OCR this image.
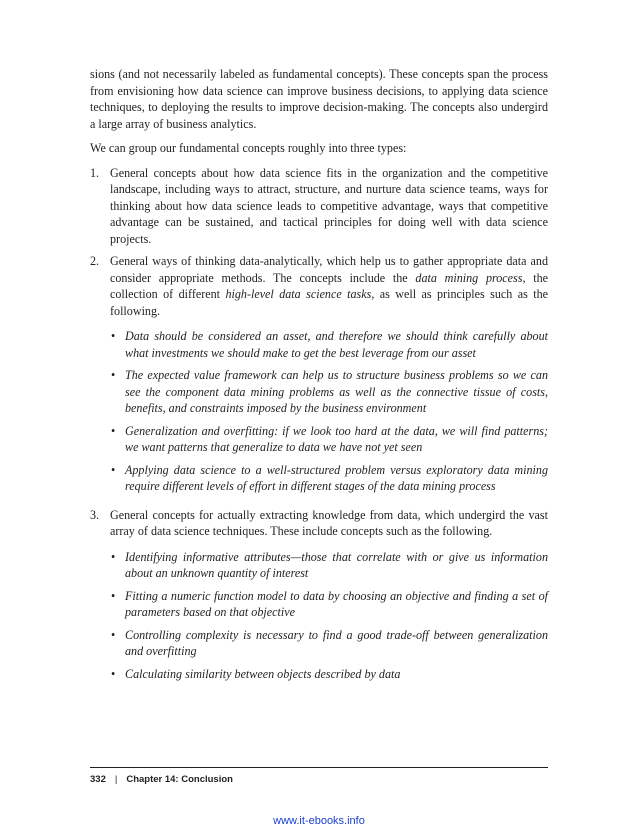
sions (and not necessarily labeled as fundamental concepts). These concepts span the process from envisioning how data science can improve business decisions, to applying data science techniques, to deploying the results to improve decision-making. The concepts also undergird a large array of business analytics.

We can group our fundamental concepts roughly into three types:

1. General concepts about how data science fits in the organization and the competitive landscape, including ways to attract, structure, and nurture data science teams, ways for thinking about how data science leads to competitive advantage, ways that competitive advantage can be sustained, and tactical principles for doing well with data science projects.
2. General ways of thinking data-analytically, which help us to gather appropriate data and consider appropriate methods. The concepts include the data mining process, the collection of different high-level data science tasks, as well as principles such as the following.
• Data should be considered an asset, and therefore we should think carefully about what investments we should make to get the best leverage from our asset
• The expected value framework can help us to structure business problems so we can see the component data mining problems as well as the connective tissue of costs, benefits, and constraints imposed by the business environment
• Generalization and overfitting: if we look too hard at the data, we will find patterns; we want patterns that generalize to data we have not yet seen
• Applying data science to a well-structured problem versus exploratory data mining require different levels of effort in different stages of the data mining process
3. General concepts for actually extracting knowledge from data, which undergird the vast array of data science techniques. These include concepts such as the following.
• Identifying informative attributes—those that correlate with or give us information about an unknown quantity of interest
• Fitting a numeric function model to data by choosing an objective and finding a set of parameters based on that objective
• Controlling complexity is necessary to find a good trade-off between generalization and overfitting
• Calculating similarity between objects described by data
332 | Chapter 14: Conclusion
www.it-ebooks.info
